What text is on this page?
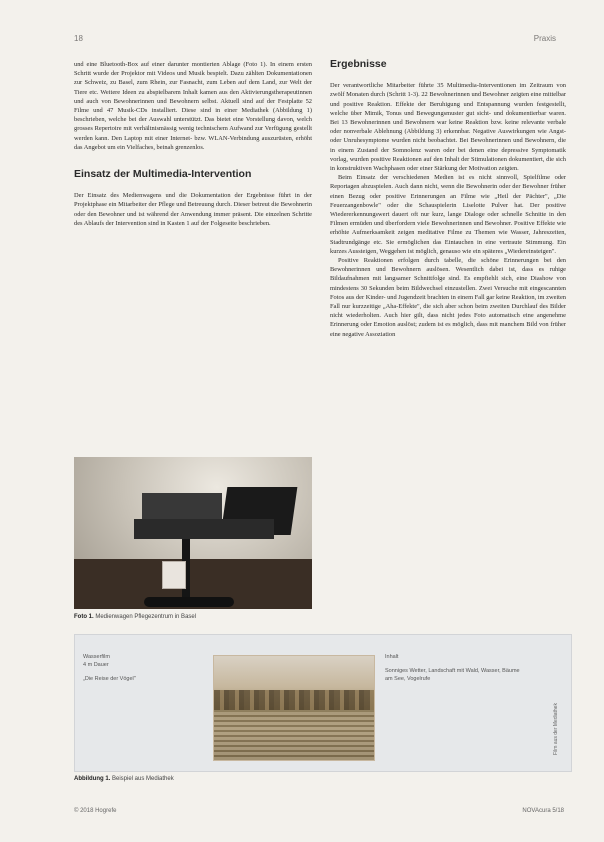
18	Praxis

und eine Bluetooth-Box auf einer darunter montierten Ablage (Foto 1). In einem ersten Schritt wurde der Projektor mit Videos und Musik bespielt. Dazu zählten Dokumentationen zur Schweiz, zu Basel, zum Rhein, zur Fasnacht, zum Leben auf dem Land, zur Welt der Tiere etc. Weitere Ideen zu abspielbarem Inhalt kamen aus den Aktivierungstherapeutinnen und auch von Bewohnerinnen und Bewohnern selbst. Aktuell sind auf der Festplatte 52 Filme und 47 Musik-CDs installiert. Diese sind in einer Mediathek (Abbildung 1) beschrieben, welche bei der Auswahl unterstützt. Das bietet eine Vorstellung davon, welch grosses Repertoire mit verhältnismässig wenig technischem Aufwand zur Verfügung gestellt werden kann. Den Laptop mit einer Internet- bzw. WLAN-Verbindung auszurüsten, erhöht das Angebot um ein Vielfaches, beinah grenzenlos.

Einsatz der Multimedia-Intervention

Der Einsatz des Medienwagens und die Dokumentation der Ergebnisse führt in der Projektphase ein Mitarbeiter der Pflege und Betreuung durch. Dieser betreut die Bewohnerin oder den Bewohner und ist während der Anwendung immer präsent. Die einzelnen Schritte des Ablaufs der Intervention sind in Kasten 1 auf der Folgeseite beschrieben.

Foto 1. Medienwagen Pflegezentrum in Basel
Ergebnisse

Der verantwortliche Mitarbeiter führte 35 Multimedia-Interventionen im Zeitraum von zwölf Monaten durch (Schritt 1-3). 22 Bewohnerinnen und Bewohner zeigten eine mittelbar und positive Reaktion. Effekte der Beruhigung und Entspannung wurden festgestellt, welche über Mimik, Tonus und Bewegungsmuster gut sicht- und dokumentierbar waren. Bei 13 Bewohnerinnen und Bewohnern war keine Reaktion bzw. keine relevante verbale oder nonverbale Ablehnung (Abbildung 3) erkennbar. Negative Auswirkungen wie Angst- oder Unruhesymptome wurden nicht beobachtet. Bei Bewohnerinnen und Bewohnern, die in einem Zustand der Somnolenz waren oder bei denen eine depressive Symptomatik vorlag, wurden positive Reaktionen auf den Inhalt der Stimulationen dokumentiert, die sich in konstruktiven Wachphasen oder einer Stärkung der Motivation zeigten.

Beim Einsatz der verschiedenen Medien ist es nicht sinnvoll, Spielfilme oder Reportagen abzuspielen. Auch dann nicht, wenn die Bewohnerin oder der Bewohner früher einen Bezug oder positive Erinnerungen an Filme wie „Heil der Pächter", „Die Feuerzangenbowle" oder die Schauspielerin Liselotte Pulver hat. Der positive Wiedererkennungswert dauert oft nur kurz, lange Dialoge oder schnelle Schnitte in den Filmen ermüden und überfordern viele Bewohnerinnen und Bewohner. Positive Effekte wie erhöhte Aufmerksamkeit zeigen meditative Filme zu Themen wie Wasser, Jahreszeiten, Stadtrundgänge etc. Sie ermöglichen das Eintauchen in eine vertraute Stimmung. Ein kurzes Aussteigen, Weggehen ist möglich, genauso wie ein späteres „Wiedereinsteigen".

Positive Reaktionen erfolgen durch tabelle, die schöne Erinnerungen bei den Bewohnerinnen und Bewohnern auslösen. Wesentlich dabei ist, dass es ruhige Bildaufnahmen mit langsamer Schnittfolge sind. Es empfiehlt sich, eine Diashow von mindestens 30 Sekunden beim Bildwechsel einzustellen. Zwei Versuche mit eingescannten Fotos aus der Kinder- und Jugendzeit brachten in einem Fall gar keine Reaktion, im zweiten Fall nur kurzzeitige „Aha-Effekte", die sich aber schon beim zweiten Durchlauf des Bilder nicht wiederholten. Auch hier gilt, dass nicht jedes Foto automatisch eine angenehme Erinnerung oder Emotion auslöst; zudem ist es möglich, dass mit manchem Bild von früher eine negative Assoziation

Wasserfilm
4 m Dauer
„Die Reise der Vögel"
Inhalt
Sonniges Wetter, Landschaft mit Wald, Wasser, Bäume am See, Vogelrufe
Film aus der Mediathek
Abbildung 1. Beispiel aus Mediathek
© 2018 Hogrefe	NOVAcura 5/18
